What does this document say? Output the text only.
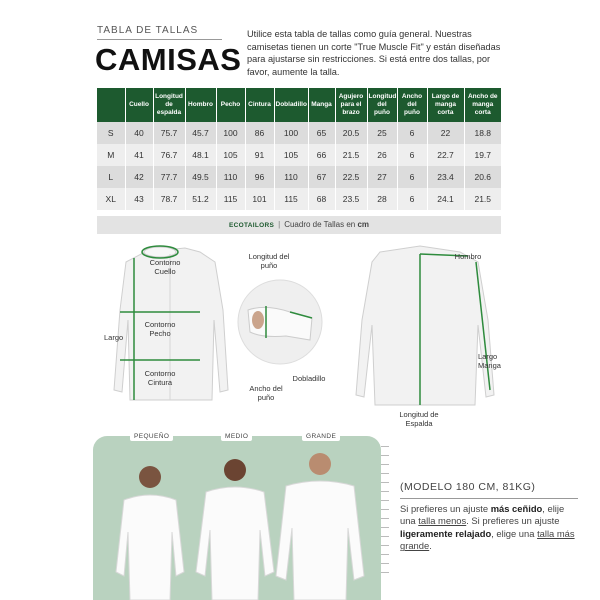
TABLA DE TALLAS
CAMISAS
Utilice esta tabla de tallas como guía general. Nuestras camisetas tienen un corte "True Muscle Fit" y están diseñadas para ajustarse sin restricciones. Si está entre dos tallas, por favor, aumente la talla.
	Cuello	Longitud de espalda	Hombro	Pecho	Cintura	Dobladillo	Manga	Agujero para el brazo	Longitud del puño	Ancho del puño	Largo de manga corta	Ancho de manga corta
S	40	75.7	45.7	100	86	100	65	20.5	25	6	22	18.8
M	41	76.7	48.1	105	91	105	66	21.5	26	6	22.7	19.7
L	42	77.7	49.5	110	96	110	67	22.5	27	6	23.4	20.6
XL	43	78.7	51.2	115	101	115	68	23.5	28	6	24.1	21.5
ECOTAILORS | Cuadro de Tallas en cm
Contorno Cuello
Contorno Pecho
Contorno Cintura
Largo
Longitud del puño
Ancho del puño
Dobladillo
Hombro
Largo Manga
Longitud de Espalda
PEQUEÑO	MEDIO	GRANDE
(MODELO 180 CM, 81KG)
Si prefieres un ajuste más ceñido, elije una talla menos. Si prefieres un ajuste ligeramente relajado, elige una talla más grande.
